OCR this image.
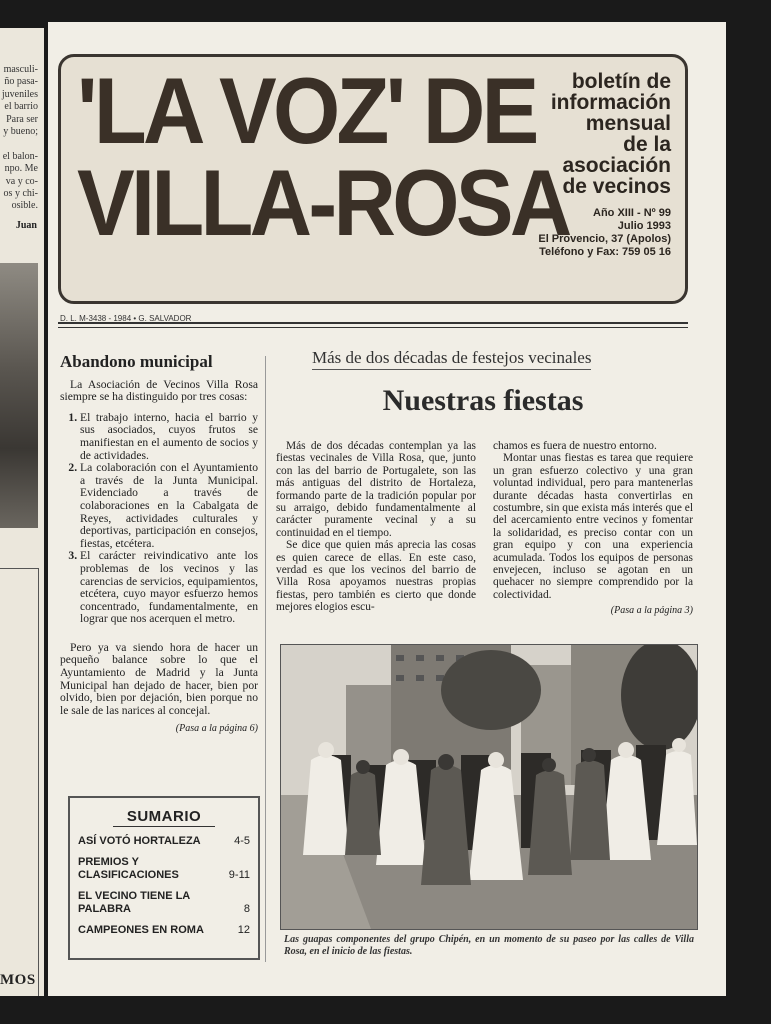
masculi-
ño pasa-
juveniles
el barrio
Para ser
y bueno;

el balon-
npo. Me
va y co-
os y chi-
osible.
Juan
MOS
'LA VOZ' DE
VILLA-ROSA
boletín de
información
mensual
de la
asociación
de vecinos
Año XIII - Nº 99
Julio 1993
El Provencio, 37 (Apolos)
Teléfono y Fax: 759 05 16
D. L. M-3438 - 1984 • G. SALVADOR
Abandono municipal

La Asociación de Vecinos Villa Rosa siempre se ha distinguido por tres cosas:

1. El trabajo interno, hacia el barrio y sus asociados, cuyos frutos se manifiestan en el aumento de socios y de actividades.
2. La colaboración con el Ayuntamiento a través de la Junta Municipal. Evidenciado a través de colaboraciones en la Cabalgata de Reyes, actividades culturales y deportivas, participación en consejos, fiestas, etcétera.
3. El carácter reivindicativo ante los problemas de los vecinos y las carencias de servicios, equipamientos, etcétera, cuyo mayor esfuerzo hemos concentrado, fundamentalmente, en lograr que nos acerquen el metro.

Pero ya va siendo hora de hacer un pequeño balance sobre lo que el Ayuntamiento de Madrid y la Junta Municipal han dejado de hacer, bien por olvido, bien por dejación, bien porque no le sale de las narices al concejal.

(Pasa a la página 6)
SUMARIO
ASÍ VOTÓ HORTALEZA	4-5
PREMIOS Y CLASIFICACIONES	9-11
EL VECINO TIENE LA PALABRA	8
CAMPEONES EN ROMA	12
Más de dos décadas de festejos vecinales
Nuestras fiestas

Más de dos décadas contemplan ya las fiestas vecinales de Villa Rosa, que, junto con las del barrio de Portugalete, son las más antiguas del distrito de Hortaleza, formando parte de la tradición popular por su arraigo, debido fundamentalmente al carácter puramente vecinal y a su continuidad en el tiempo.

Se dice que quien más aprecia las cosas es quien carece de ellas. En este caso, verdad es que los vecinos del barrio de Villa Rosa apoyamos nuestras propias fiestas, pero también es cierto que donde mejores elogios escu-

chamos es fuera de nuestro entorno.

Montar unas fiestas es tarea que requiere un gran esfuerzo colectivo y una gran voluntad individual, pero para mantenerlas durante décadas hasta convertirlas en costumbre, sin que exista más interés que el del acercamiento entre vecinos y fomentar la solidaridad, es preciso contar con un gran equipo y con una experiencia acumulada. Todos los equipos de personas envejecen, incluso se agotan en un quehacer no siempre comprendido por la colectividad.

(Pasa a la página 3)
Las guapas componentes del grupo Chipén, en un momento de su paseo por las calles de Villa Rosa, en el inicio de las fiestas.
